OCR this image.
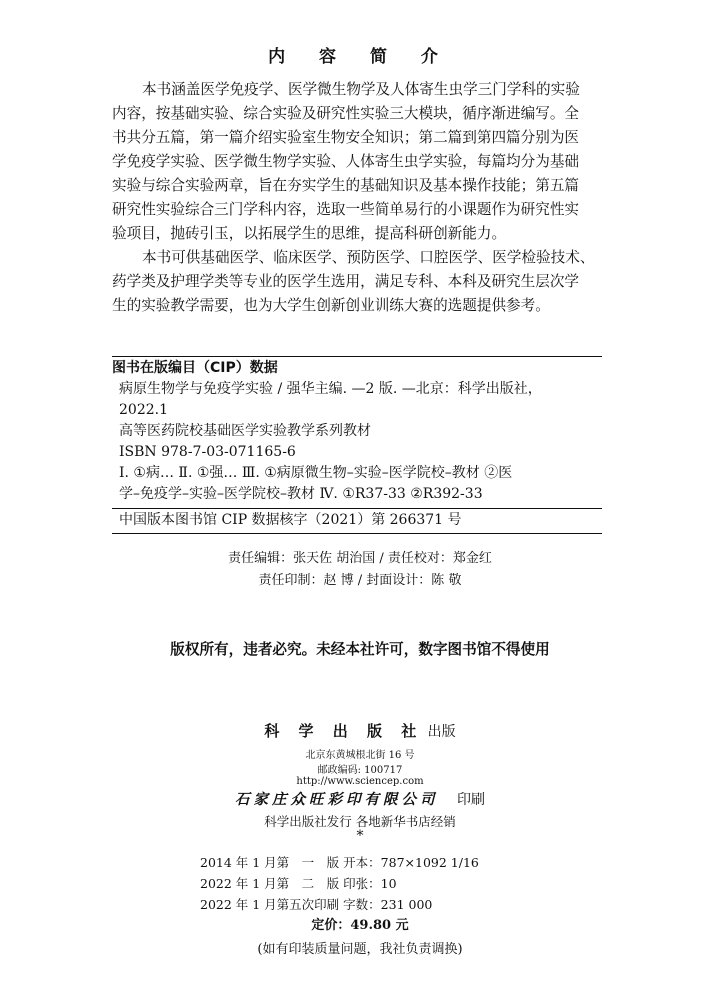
内 容 简 介

本书涵盖医学免疫学、医学微生物学及人体寄生虫学三门学科的实验

内容，按基础实验、综合实验及研究性实验三大模块，循序渐进编写。全

书共分五篇，第一篇介绍实验室生物安全知识；第二篇到第四篇分别为医

学免疫学实验、医学微生物学实验、人体寄生虫学实验，每篇均分为基础

实验与综合实验两章，旨在夯实学生的基础知识及基本操作技能；第五篇

研究性实验综合三门学科内容，选取一些简单易行的小课题作为研究性实

验项目，抛砖引玉，以拓展学生的思维，提高科研创新能力。

本书可供基础医学、临床医学、预防医学、口腔医学、医学检验技术、

药学类及护理学类等专业的医学生选用，满足专科、本科及研究生层次学

生的实验教学需要，也为大学生创新创业训练大赛的选题提供参考。

图书在版编目（CIP）数据
病原生物学与免疫学实验 / 强华主编. —2 版. —北京：科学出版社，
2022.1
高等医药院校基础医学实验教学系列教材
ISBN 978-7-03-071165-6
Ⅰ. ①病… Ⅱ. ①强… Ⅲ. ①病原微生物–实验–医学院校–教材 ②医
学–免疫学–实验–医学院校–教材 Ⅳ. ①R37-33 ②R392-33
中国版本图书馆 CIP 数据核字（2021）第 266371 号
责任编辑：张天佐 胡治国 / 责任校对：郑金红
责任印制：赵 博 / 封面设计：陈 敬
版权所有，违者必究。未经本社许可，数字图书馆不得使用
科 学 出 版 社 出版
北京东黄城根北街 16 号
邮政编码: 100717
http://www.sciencep.com
石家庄众旺彩印有限公司 印刷
科学出版社发行 各地新华书店经销
*
2014 年 1 月第　一　版 开本：787×1092 1/16
2022 年 1 月第　二　版 印张：10
2022 年 1 月第五次印刷 字数：231 000
定价：49.80 元
(如有印装质量问题，我社负责调换)
